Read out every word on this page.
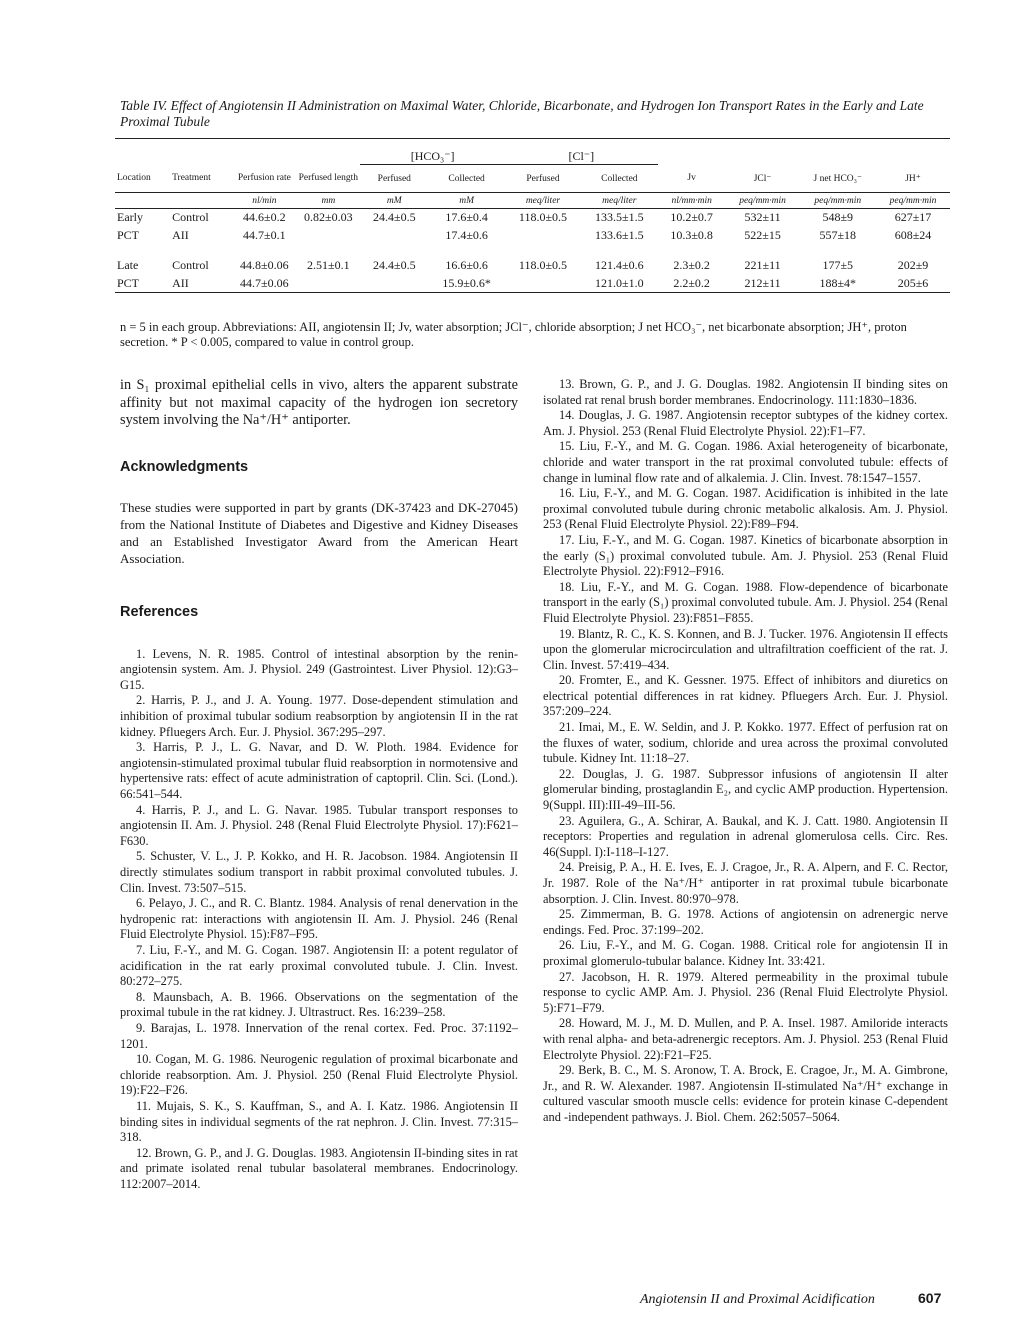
Table IV. Effect of Angiotensin II Administration on Maximal Water, Chloride, Bicarbonate, and Hydrogen Ion Transport Rates in the Early and Late Proximal Tubule
				[HCO₃⁻]		[Cl⁻]					
Location	Treatment	Perfusion rate	Perfused length	Perfused	Collected	Perfused	Collected	Jv	JCl⁻	J net HCO₃⁻	JH⁺
		nl/min	mm	mM	mM	meq/liter	meq/liter	nl/mm·min	peq/mm·min	peq/mm·min	peq/mm·min
Early	Control	44.6±0.2	0.82±0.03	24.4±0.5	17.6±0.4	118.0±0.5	133.5±1.5	10.2±0.7	532±11	548±9	627±17
PCT	AII	44.7±0.1			17.4±0.6		133.6±1.5	10.3±0.8	522±15	557±18	608±24

Late	Control	44.8±0.06	2.51±0.1	24.4±0.5	16.6±0.6	118.0±0.5	121.4±0.6	2.3±0.2	221±11	177±5	202±9
PCT	AII	44.7±0.06			15.9±0.6*		121.0±1.0	2.2±0.2	212±11	188±4*	205±6

n = 5 in each group. Abbreviations: AII, angiotensin II; Jv, water absorption; JCl⁻, chloride absorption; J net HCO₃⁻, net bicarbonate absorption; JH⁺, proton secretion. * P < 0.005, compared to value in control group.

in S₁ proximal epithelial cells in vivo, alters the apparent substrate affinity but not maximal capacity of the hydrogen ion secretory system involving the Na⁺/H⁺ antiporter.

Acknowledgments

These studies were supported in part by grants (DK-37423 and DK-27045) from the National Institute of Diabetes and Digestive and Kidney Diseases and an Established Investigator Award from the American Heart Association.

References

1. Levens, N. R. 1985. Control of intestinal absorption by the renin-angiotensin system. Am. J. Physiol. 249 (Gastrointest. Liver Physiol. 12):G3–G15.

2. Harris, P. J., and J. A. Young. 1977. Dose-dependent stimulation and inhibition of proximal tubular sodium reabsorption by angiotensin II in the rat kidney. Pfluegers Arch. Eur. J. Physiol. 367:295–297.

3. Harris, P. J., L. G. Navar, and D. W. Ploth. 1984. Evidence for angiotensin-stimulated proximal tubular fluid reabsorption in normotensive and hypertensive rats: effect of acute administration of captopril. Clin. Sci. (Lond.). 66:541–544.

4. Harris, P. J., and L. G. Navar. 1985. Tubular transport responses to angiotensin II. Am. J. Physiol. 248 (Renal Fluid Electrolyte Physiol. 17):F621–F630.

5. Schuster, V. L., J. P. Kokko, and H. R. Jacobson. 1984. Angiotensin II directly stimulates sodium transport in rabbit proximal convoluted tubules. J. Clin. Invest. 73:507–515.

6. Pelayo, J. C., and R. C. Blantz. 1984. Analysis of renal denervation in the hydropenic rat: interactions with angiotensin II. Am. J. Physiol. 246 (Renal Fluid Electrolyte Physiol. 15):F87–F95.

7. Liu, F.-Y., and M. G. Cogan. 1987. Angiotensin II: a potent regulator of acidification in the rat early proximal convoluted tubule. J. Clin. Invest. 80:272–275.

8. Maunsbach, A. B. 1966. Observations on the segmentation of the proximal tubule in the rat kidney. J. Ultrastruct. Res. 16:239–258.

9. Barajas, L. 1978. Innervation of the renal cortex. Fed. Proc. 37:1192–1201.

10. Cogan, M. G. 1986. Neurogenic regulation of proximal bicarbonate and chloride reabsorption. Am. J. Physiol. 250 (Renal Fluid Electrolyte Physiol. 19):F22–F26.

11. Mujais, S. K., S. Kauffman, S., and A. I. Katz. 1986. Angiotensin II binding sites in individual segments of the rat nephron. J. Clin. Invest. 77:315–318.

12. Brown, G. P., and J. G. Douglas. 1983. Angiotensin II-binding sites in rat and primate isolated renal tubular basolateral membranes. Endocrinology. 112:2007–2014.

13. Brown, G. P., and J. G. Douglas. 1982. Angiotensin II binding sites on isolated rat renal brush border membranes. Endocrinology. 111:1830–1836.

14. Douglas, J. G. 1987. Angiotensin receptor subtypes of the kidney cortex. Am. J. Physiol. 253 (Renal Fluid Electrolyte Physiol. 22):F1–F7.

15. Liu, F.-Y., and M. G. Cogan. 1986. Axial heterogeneity of bicarbonate, chloride and water transport in the rat proximal convoluted tubule: effects of change in luminal flow rate and of alkalemia. J. Clin. Invest. 78:1547–1557.

16. Liu, F.-Y., and M. G. Cogan. 1987. Acidification is inhibited in the late proximal convoluted tubule during chronic metabolic alkalosis. Am. J. Physiol. 253 (Renal Fluid Electrolyte Physiol. 22):F89–F94.

17. Liu, F.-Y., and M. G. Cogan. 1987. Kinetics of bicarbonate absorption in the early (S₁) proximal convoluted tubule. Am. J. Physiol. 253 (Renal Fluid Electrolyte Physiol. 22):F912–F916.

18. Liu, F.-Y., and M. G. Cogan. 1988. Flow-dependence of bicarbonate transport in the early (S₁) proximal convoluted tubule. Am. J. Physiol. 254 (Renal Fluid Electrolyte Physiol. 23):F851–F855.

19. Blantz, R. C., K. S. Konnen, and B. J. Tucker. 1976. Angiotensin II effects upon the glomerular microcirculation and ultrafiltration coefficient of the rat. J. Clin. Invest. 57:419–434.

20. Fromter, E., and K. Gessner. 1975. Effect of inhibitors and diuretics on electrical potential differences in rat kidney. Pfluegers Arch. Eur. J. Physiol. 357:209–224.

21. Imai, M., E. W. Seldin, and J. P. Kokko. 1977. Effect of perfusion rat on the fluxes of water, sodium, chloride and urea across the proximal convoluted tubule. Kidney Int. 11:18–27.

22. Douglas, J. G. 1987. Subpressor infusions of angiotensin II alter glomerular binding, prostaglandin E₂, and cyclic AMP production. Hypertension. 9(Suppl. III):III-49–III-56.

23. Aguilera, G., A. Schirar, A. Baukal, and K. J. Catt. 1980. Angiotensin II receptors: Properties and regulation in adrenal glomerulosa cells. Circ. Res. 46(Suppl. I):I-118–I-127.

24. Preisig, P. A., H. E. Ives, E. J. Cragoe, Jr., R. A. Alpern, and F. C. Rector, Jr. 1987. Role of the Na⁺/H⁺ antiporter in rat proximal tubule bicarbonate absorption. J. Clin. Invest. 80:970–978.

25. Zimmerman, B. G. 1978. Actions of angiotensin on adrenergic nerve endings. Fed. Proc. 37:199–202.

26. Liu, F.-Y., and M. G. Cogan. 1988. Critical role for angiotensin II in proximal glomerulo-tubular balance. Kidney Int. 33:421.

27. Jacobson, H. R. 1979. Altered permeability in the proximal tubule response to cyclic AMP. Am. J. Physiol. 236 (Renal Fluid Electrolyte Physiol. 5):F71–F79.

28. Howard, M. J., M. D. Mullen, and P. A. Insel. 1987. Amiloride interacts with renal alpha- and beta-adrenergic receptors. Am. J. Physiol. 253 (Renal Fluid Electrolyte Physiol. 22):F21–F25.

29. Berk, B. C., M. S. Aronow, T. A. Brock, E. Cragoe, Jr., M. A. Gimbrone, Jr., and R. W. Alexander. 1987. Angiotensin II-stimulated Na⁺/H⁺ exchange in cultured vascular smooth muscle cells: evidence for protein kinase C-dependent and -independent pathways. J. Biol. Chem. 262:5057–5064.

Angiotensin II and Proximal Acidification	607
